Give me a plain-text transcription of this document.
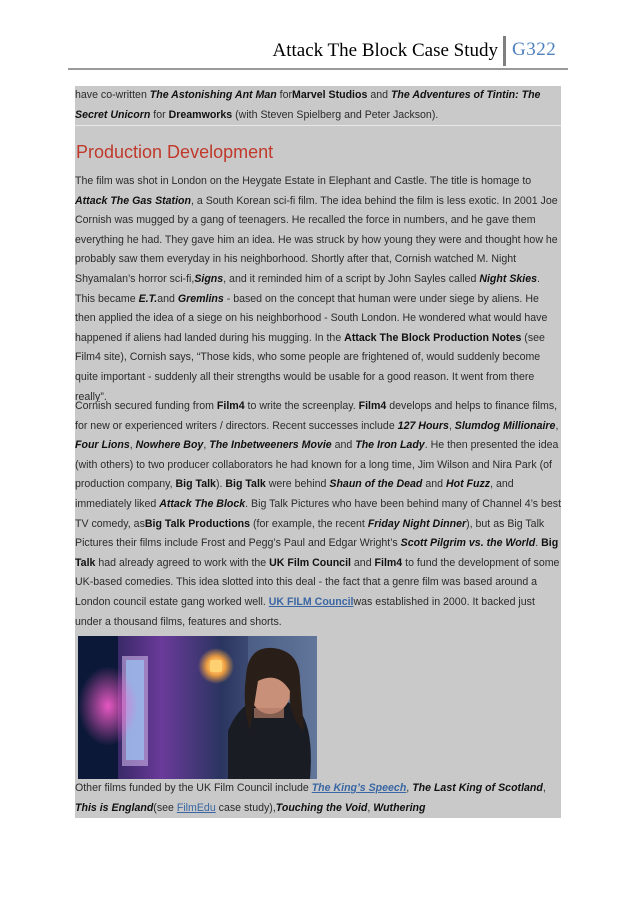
Attack The Block Case Study G322

have co-written The Astonishing Ant Man forMarvel Studios and The Adventures of Tintin: The Secret Unicorn for Dreamworks (with Steven Spielberg and Peter Jackson).

Production Development

The film was shot in London on the Heygate Estate in Elephant and Castle. The title is homage to Attack The Gas Station, a South Korean sci-fi film. The idea behind the film is less exotic. In 2001 Joe Cornish was mugged by a gang of teenagers. He recalled the force in numbers, and he gave them everything he had. They gave him an idea. He was struck by how young they were and thought how he probably saw them everyday in his neighborhood. Shortly after that, Cornish watched M. Night Shyamalan’s horror sci-fi,Signs, and it reminded him of a script by John Sayles called Night Skies. This became E.T.and Gremlins - based on the concept that human were under siege by aliens. He then applied the idea of a siege on his neighborhood - South London. He wondered what would have happened if aliens had landed during his mugging. In the Attack The Block Production Notes (see Film4 site), Cornish says, “Those kids, who some people are frightened of, would suddenly become quite important - suddenly all their strengths would be usable for a good reason. It went from there really”.

Cornish secured funding from Film4 to write the screenplay. Film4 develops and helps to finance films, for new or experienced writers / directors. Recent successes include 127 Hours, Slumdog Millionaire, Four Lions, Nowhere Boy, The Inbetweeners Movie and The Iron Lady. He then presented the idea (with others) to two producer collaborators he had known for a long time, Jim Wilson and Nira Park (of production company, Big Talk). Big Talk were behind Shaun of the Dead and Hot Fuzz, and immediately liked Attack The Block. Big Talk Pictures who have been behind many of Channel 4’s best TV comedy, asBig Talk Productions (for example, the recent Friday Night Dinner), but as Big Talk Pictures their films include Frost and Pegg’s Paul and Edgar Wright’s Scott Pilgrim vs. the World. Big Talk had already agreed to work with the UK Film Council and Film4 to fund the development of some UK-based comedies. This idea slotted into this deal - the fact that a genre film was based around a London council estate gang worked well. UK FILM Councilwas established in 2000. It backed just under a thousand films, features and shorts.

Other films funded by the UK Film Council include The King’s Speech, The Last King of Scotland, This is England(see FilmEdu case study),Touching the Void, Wuthering
